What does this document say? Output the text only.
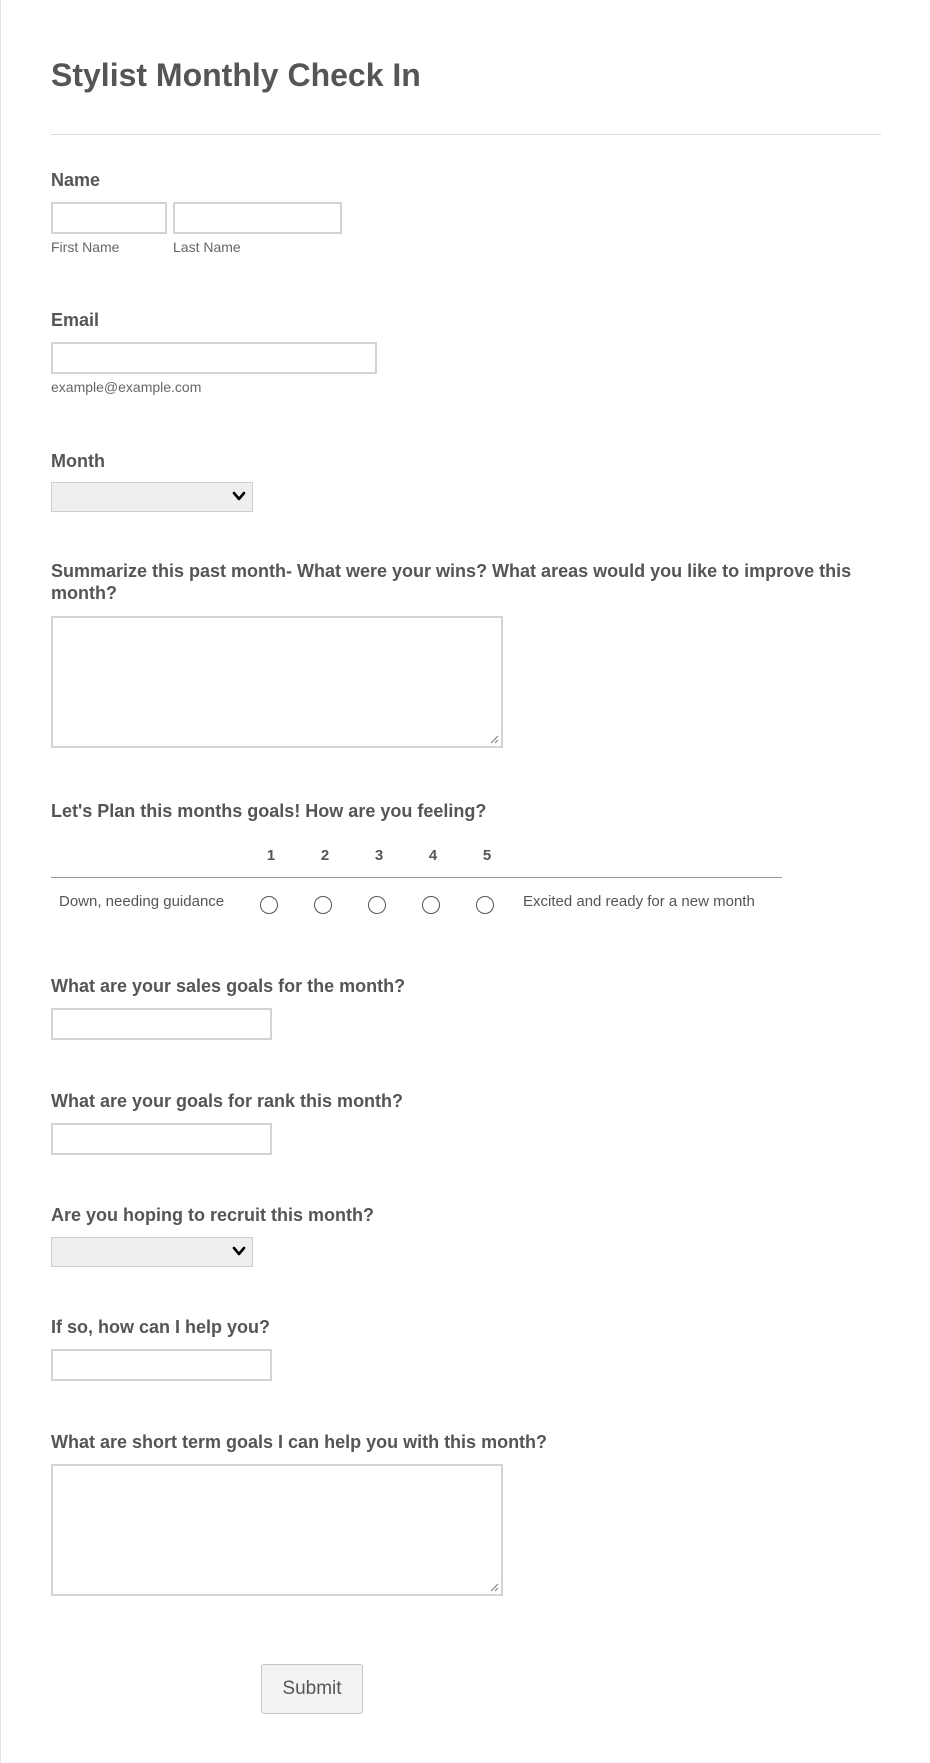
Stylist Monthly Check In
Name
First Name	Last Name
Email
example@example.com
Month
Summarize this past month- What were your wins? What areas would you like to improve this month?
Let's Plan this months goals! How are you feeling?
1	2	3	4	5
Down, needing guidance	Excited and ready for a new month
What are your sales goals for the month?
What are your goals for rank this month?
Are you hoping to recruit this month?
If so, how can I help you?
What are short term goals I can help you with this month?
Submit
